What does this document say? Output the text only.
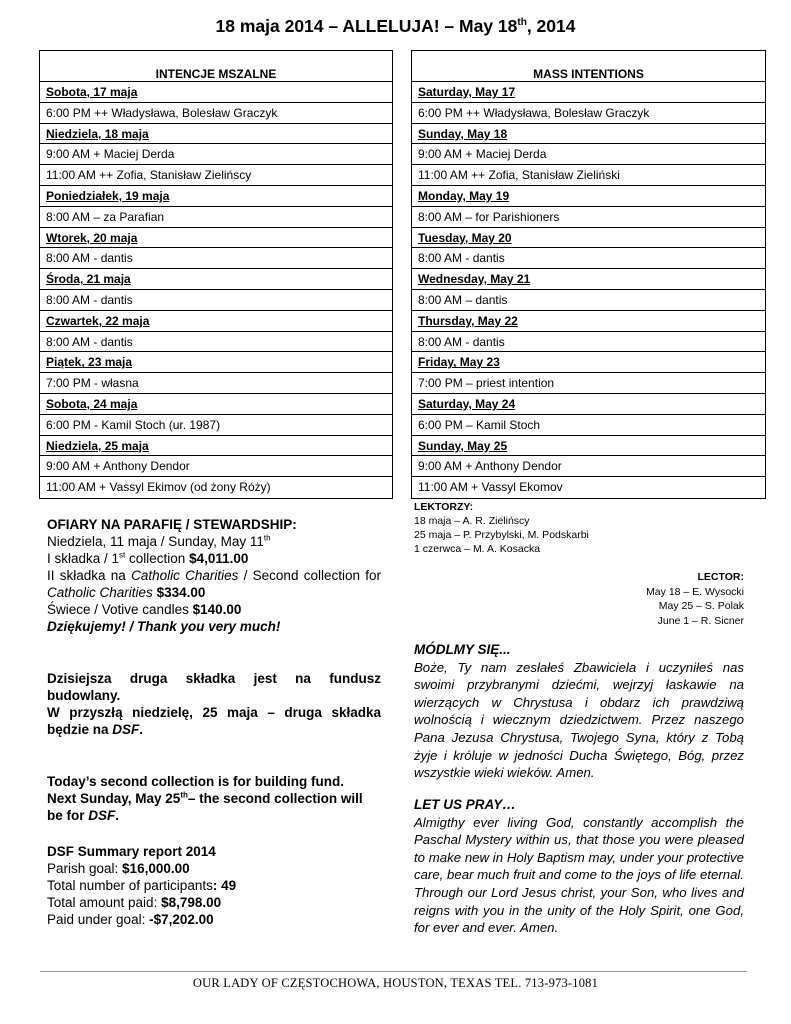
18 maja 2014 – ALLELUJA! – May 18th, 2014
INTENCJE MSZALNE
Sobota, 17 maja
6:00 PM ++ Władysława, Bolesław Graczyk
Niedziela, 18 maja
9:00 AM + Maciej Derda
11:00 AM ++ Zofia, Stanisław Zielińscy
Poniedziałek, 19 maja
8:00 AM – za Parafian
Wtorek, 20 maja
8:00 AM - dantis
Środa, 21 maja
8:00 AM - dantis
Czwartek, 22 maja
8:00 AM - dantis
Piątek, 23 maja
7:00 PM - własna
Sobota, 24 maja
6:00 PM - Kamil Stoch (ur. 1987)
Niedziela, 25 maja
9:00 AM + Anthony Dendor
11:00 AM + Vassyl Ekimov (od żony Róży)
MASS INTENTIONS
Saturday, May 17
6:00 PM ++ Władysława, Bolesław Graczyk
Sunday, May 18
9:00 AM + Maciej Derda
11:00 AM ++ Zofia, Stanisław Zieliński
Monday, May 19
8:00 AM – for Parishioners
Tuesday, May 20
8:00 AM - dantis
Wednesday, May 21
8:00 AM – dantis
Thursday, May 22
8:00 AM - dantis
Friday, May 23
7:00 PM – priest intention
Saturday, May 24
6:00 PM – Kamil Stoch
Sunday, May 25
9:00 AM + Anthony Dendor
11:00 AM + Vassyl Ekomov
LEKTORZY:
18 maja – A. R. Zielińscy
25 maja – P. Przybylski, M. Podskarbi
1 czerwca – M. A. Kosacka
LECTOR:
May 18 – E. Wysocki
May 25 – S. Polak
June 1 – R. Sicner

OFIARY NA PARAFIĘ / STEWARDSHIP:

Niedziela, 11 maja / Sunday, May 11th

I składka / 1st collection $4,011.00

II składka na Catholic Charities / Second collection for Catholic Charities $334.00

Świece / Votive candles $140.00

Dziękujemy! / Thank you very much!

Dzisiejsza druga składka jest na fundusz budowlany.

W przyszłą niedzielę, 25 maja – druga składka będzie na DSF.

Today’s second collection is for building fund.

Next Sunday, May 25th– the second collection will be for DSF.

DSF Summary report 2014

Parish goal: $16,000.00

Total number of participants: 49

Total amount paid: $8,798.00

Paid under goal: -$7,202.00

MÓDLMY SIĘ...

Boże, Ty nam zesłałeś Zbawiciela i uczyniłeś nas swoimi przybranymi dziećmi, wejrzyj łaskawie na wierzących w Chrystusa i obdarz ich prawdziwą wolnością i wiecznym dziedzictwem. Przez naszego Pana Jezusa Chrystusa, Twojego Syna, który z Tobą żyje i króluje w jedności Ducha Świętego, Bóg, przez wszystkie wieki wieków. Amen.

LET US PRAY…

Almigthy ever living God, constantly accomplish the Paschal Mystery within us, that those you were pleased to make new in Holy Baptism may, under your protective care, bear much fruit and come to the joys of life eternal. Through our Lord Jesus christ, your Son, who lives and reigns with you in the unity of the Holy Spirit, one God, for ever and ever. Amen.

OUR LADY OF CZĘSTOCHOWA, HOUSTON, TEXAS TEL. 713-973-1081
